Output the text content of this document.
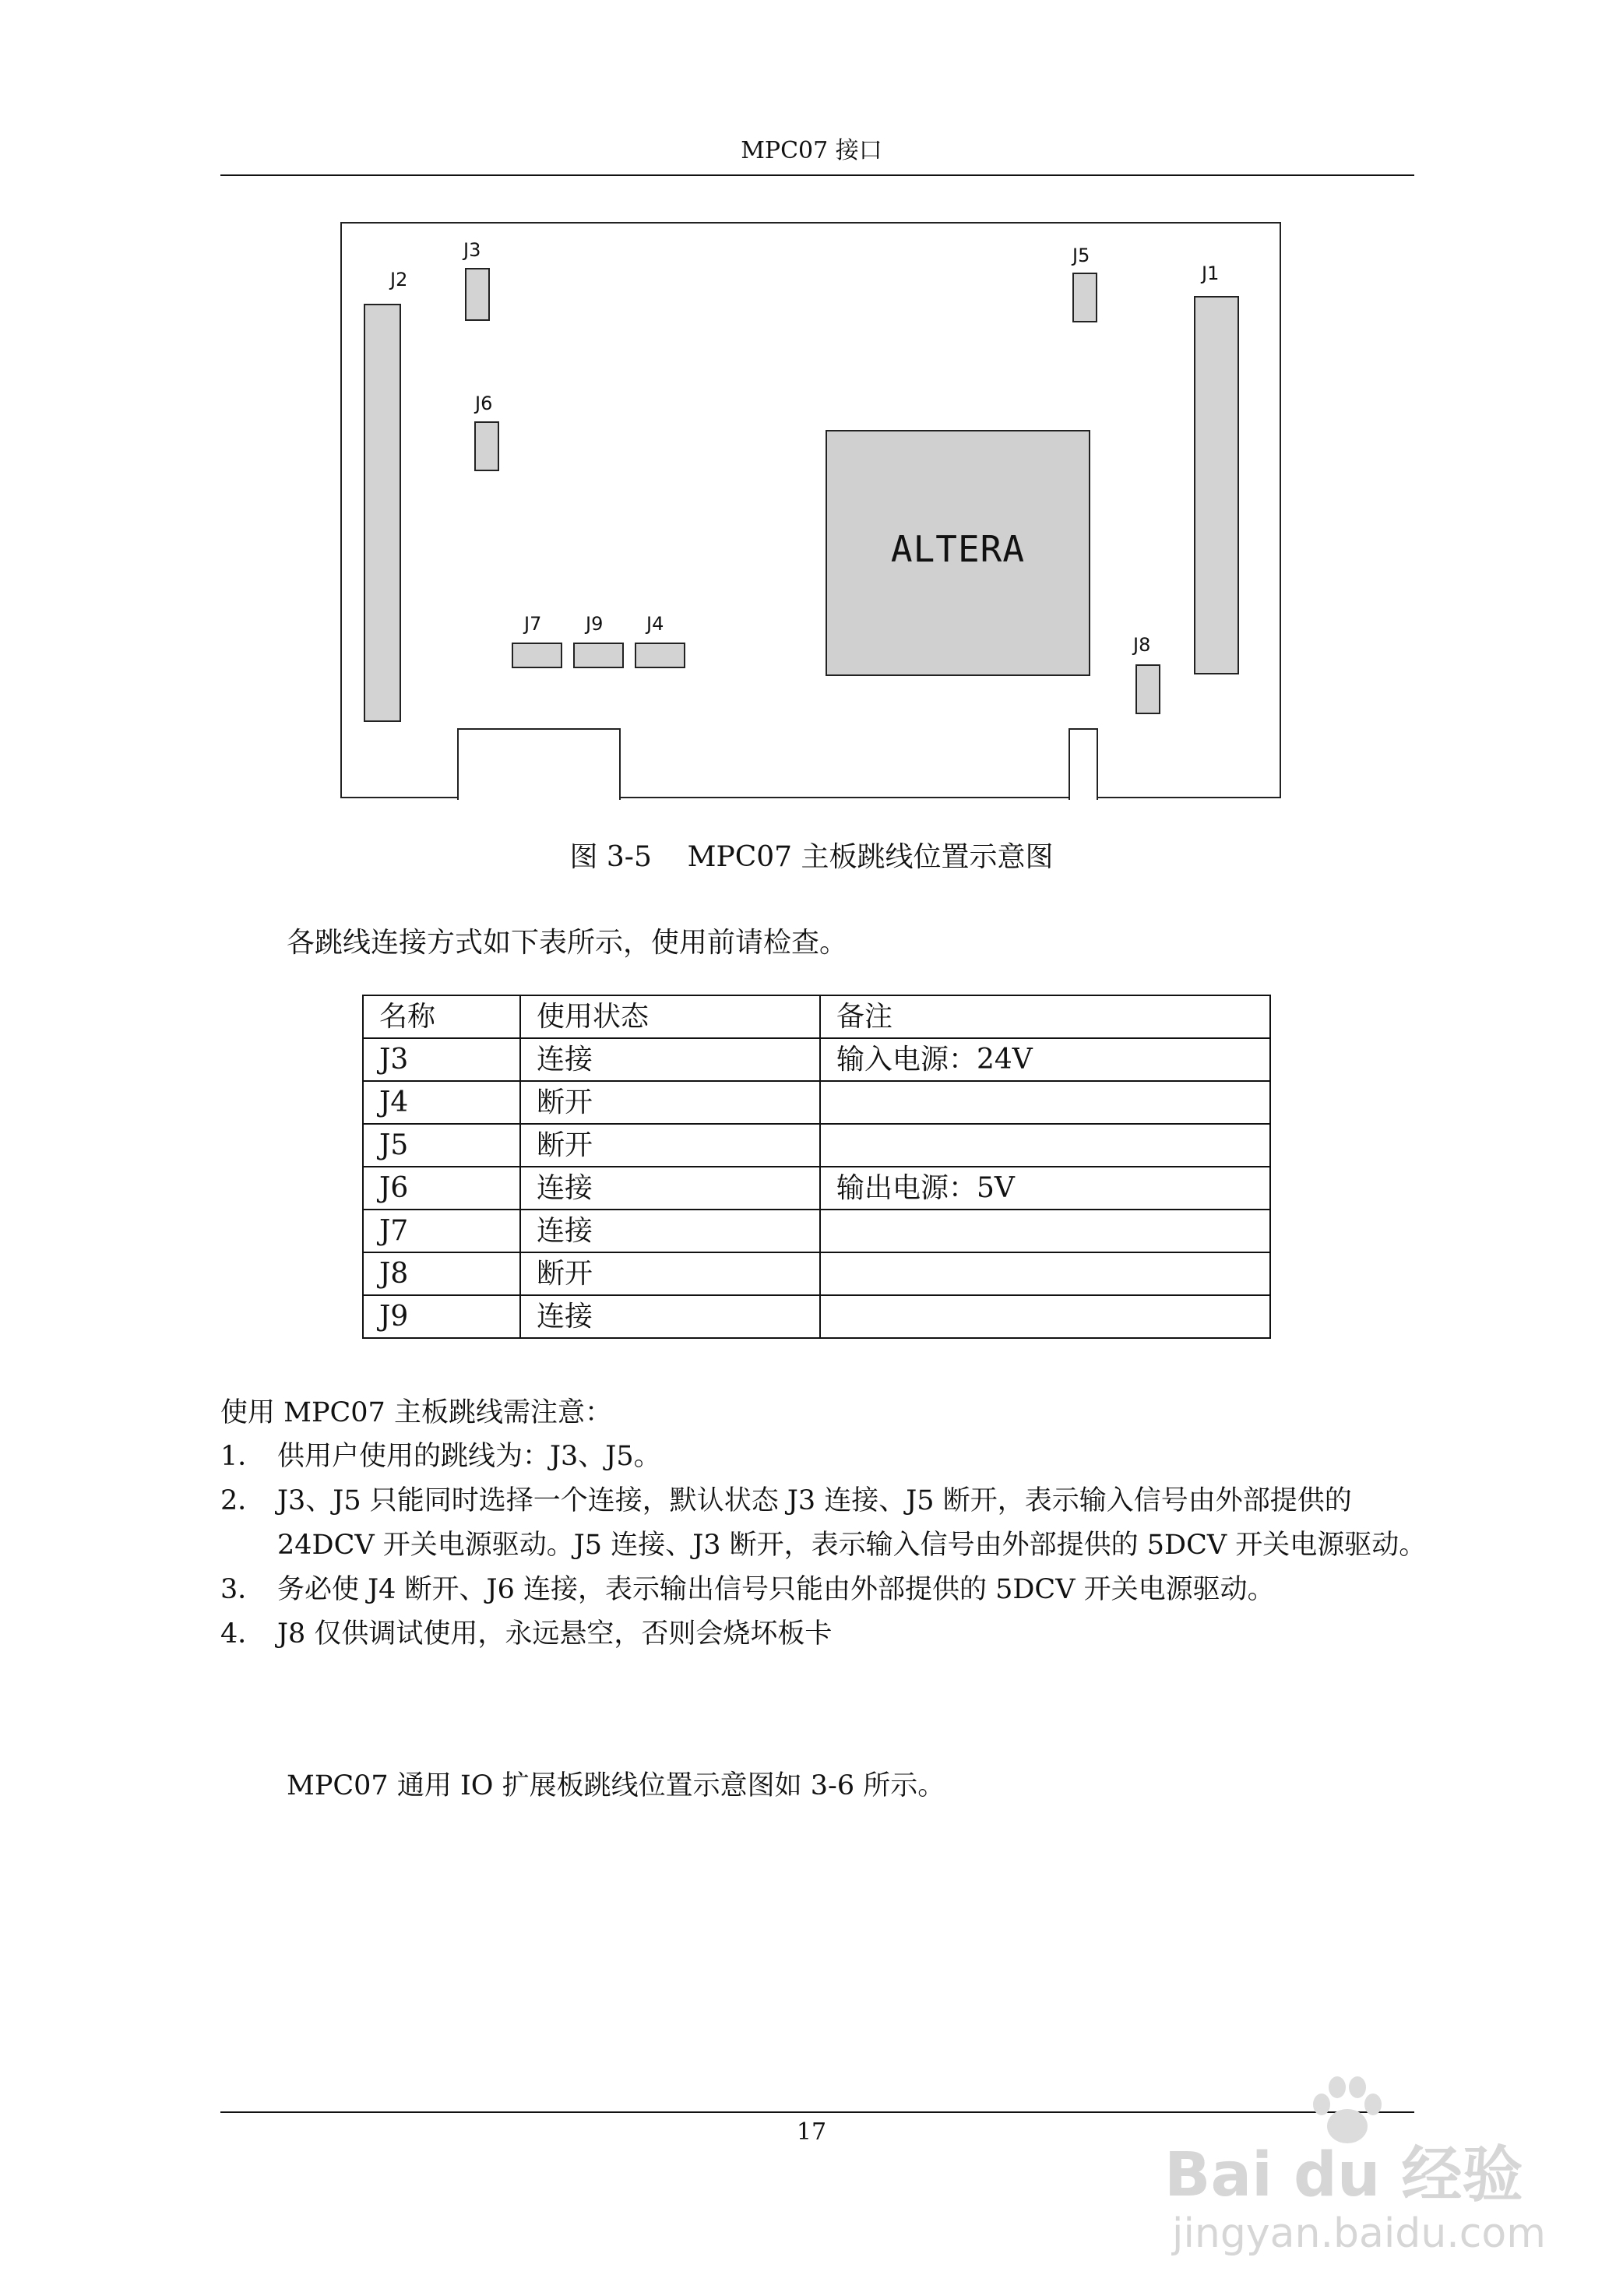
MPC07 接口
J2
J3
J6
J7 J9 J4
ALTERA
J5
J1
J8
图 3-5    MPC07 主板跳线位置示意图
各跳线连接方式如下表所示，使用前请检查。
名称	使用状态	备注
J3	连接	输入电源：24V
J4	断开	
J5	断开	
J6	连接	输出电源：5V
J7	连接	
J8	断开	
J9	连接	
使用 MPC07 主板跳线需注意：
1． 供用户使用的跳线为：J3、J5。
2． J3、J5 只能同时选择一个连接，默认状态 J3 连接、J5 断开，表示输入信号由外部提供的 24DCV 开关电源驱动。J5 连接、J3 断开，表示输入信号由外部提供的 5DCV 开关电源驱动。
3． 务必使 J4 断开、J6 连接，表示输出信号只能由外部提供的 5DCV 开关电源驱动。
4． J8 仅供调试使用，永远悬空，否则会烧坏板卡
MPC07 通用 IO 扩展板跳线位置示意图如 3-6 所示。
17
Bai du 经验
jingyan.baidu.com
